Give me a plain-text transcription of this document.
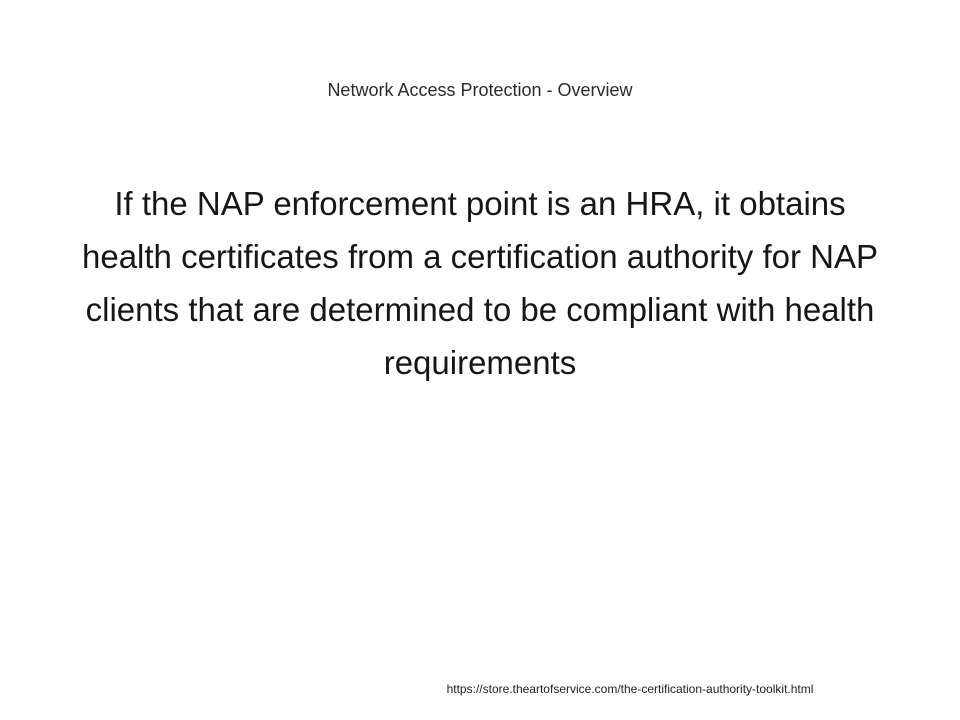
Network Access Protection - Overview
If the NAP enforcement point is an HRA, it obtains health certificates from a certification authority for NAP clients that are determined to be compliant with health requirements
https://store.theartofservice.com/the-certification-authority-toolkit.html
